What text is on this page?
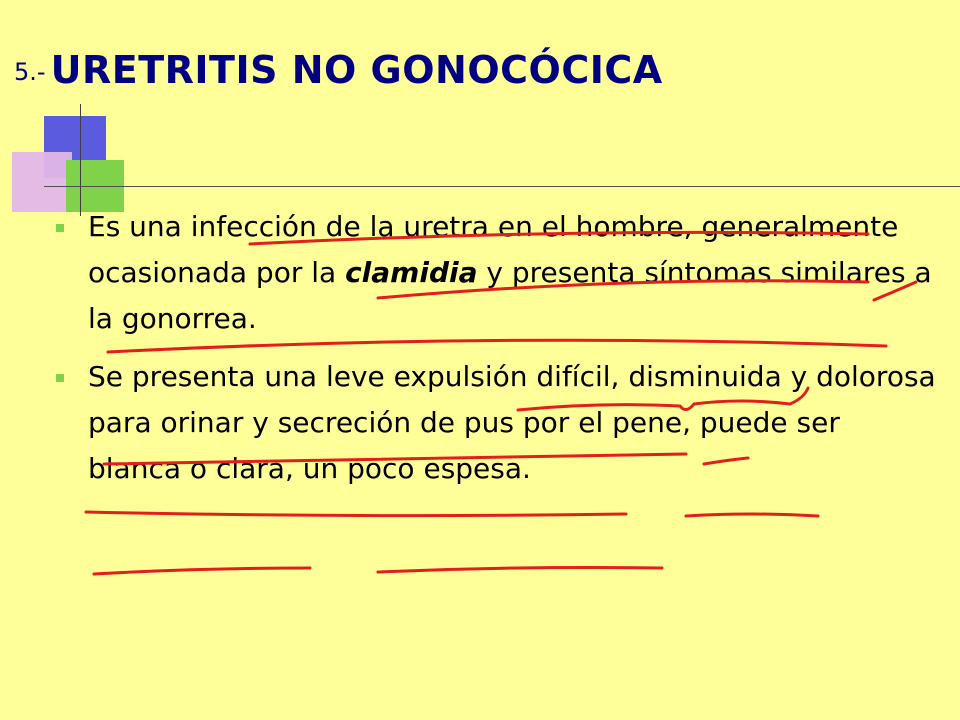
5.- URETRITIS NO GONOCÓCICA
Es una infección de la uretra en el hombre, generalmente ocasionada por la clamidia y presenta síntomas similares a la gonorrea.
Se presenta una leve expulsión difícil, disminuida y dolorosa para orinar y secreción de pus por el pene, puede ser blanca o clara, un poco espesa.
